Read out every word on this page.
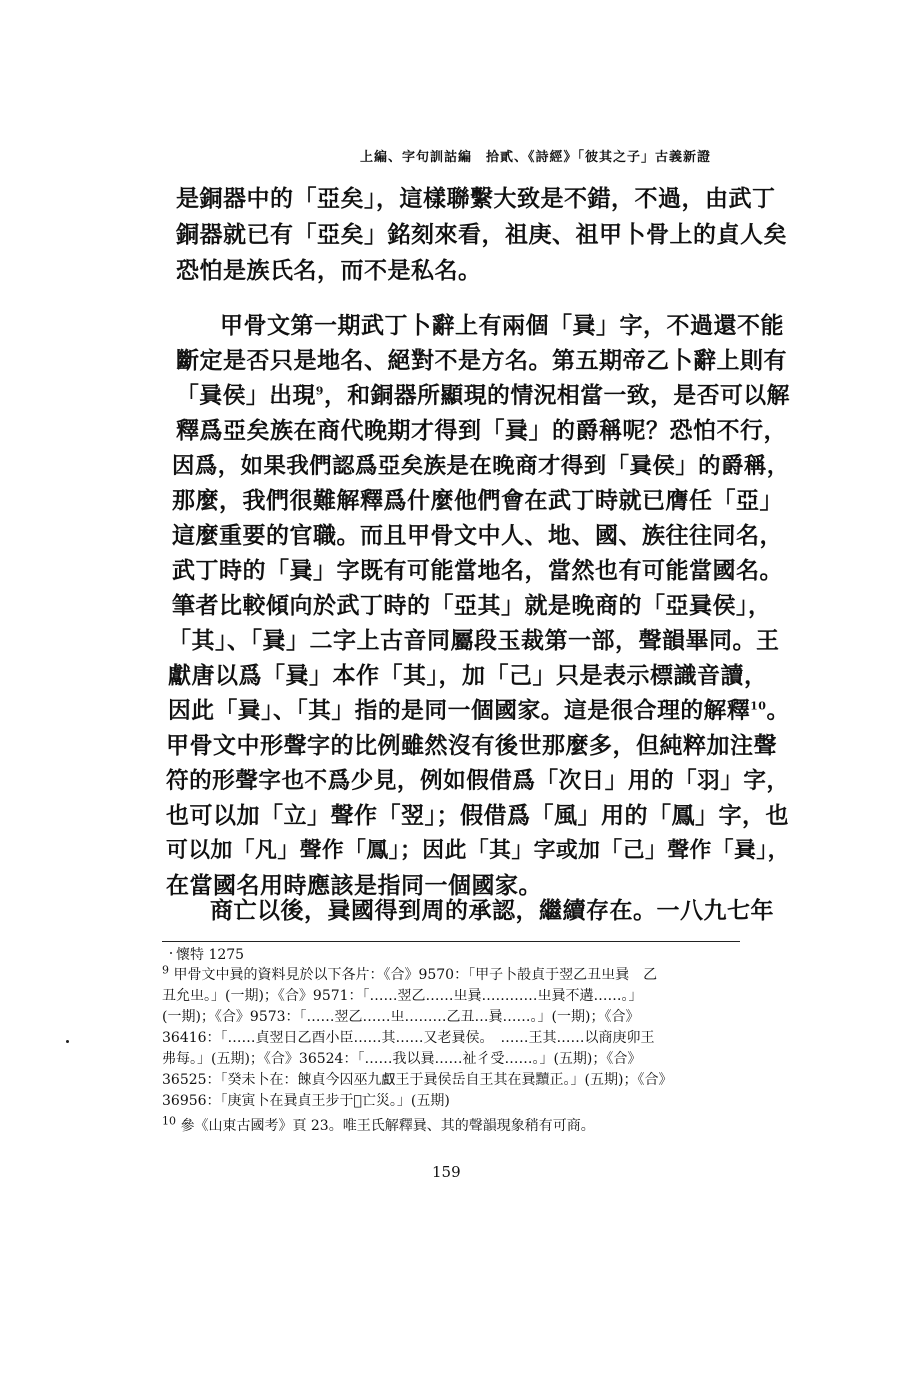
上編、字句訓詁編　拾貳、《詩經》「彼其之子」古義新證
是銅器中的「亞矣」，這樣聯繫大致是不錯，不過，由武丁
銅器就已有「亞矣」銘刻來看，祖庚、祖甲卜骨上的貞人矣
恐怕是族氏名，而不是私名。
甲骨文第一期武丁卜辭上有兩個「㠱」字，不過還不能
斷定是否只是地名、絕對不是方名。第五期帝乙卜辭上則有
「㠱侯」出現$^9$，和銅器所顯現的情況相當一致，是否可以解
釋爲亞矣族在商代晚期才得到「㠱」的爵稱呢？恐怕不行，
因爲，如果我們認爲亞矣族是在晚商才得到「㠱侯」的爵稱，
那麼，我們很難解釋爲什麼他們會在武丁時就已膺任「亞」
這麼重要的官職。而且甲骨文中人、地、國、族往往同名，
武丁時的「㠱」字既有可能當地名，當然也有可能當國名。
筆者比較傾向於武丁時的「亞其」就是晚商的「亞㠱侯」，
「其」、「㠱」二字上古音同屬段玉裁第一部，聲韻畢同。王
獻唐以爲「㠱」本作「其」，加「己」只是表示標識音讀，
因此「㠱」、「其」指的是同一個國家。這是很合理的解釋$^{10}$。
甲骨文中形聲字的比例雖然沒有後世那麼多，但純粹加注聲
符的形聲字也不爲少見，例如假借爲「次日」用的「羽」字，
也可以加「立」聲作「翌」；假借爲「風」用的「鳳」字，也
可以加「凡」聲作「鳳」；因此「其」字或加「己」聲作「㠱」，
在當國名用時應該是指同一個國家。
商亡以後，㠱國得到周的承認，繼續存在。一八九七年
懷特 1275
$^9$ 甲骨文中㠱的資料見於以下各片：《合》9570：「甲子卜㱿貞于翌乙丑㞢㠱　乙
丑允㞢。」(一期)；《合》9571：「……翌乙……㞢㠱…………㞢㠱不遘……。」
(一期)；《合》9573：「……翌乙……㞢………乙丑…㠱……。」(一期)；《合》
36416：「……貞翌日乙酉小臣……其……又老㠱侯。　……王其……以商庚卯王
弗每。」(五期)；《合》36524：「……我以㠱……祉彳受……。」(五期)；《合》
36525：「癸未卜在：餗貞今囚巫九𠭯王于㠱侯岳自王其在㠱黷正。」(五期)；《合》
36956：「庚寅卜在㠱貞王步于𤲡亡災。」(五期)
$^{10}$ 參《山東古國考》頁 23。唯王氏解釋㠱、其的聲韻現象稍有可商。
159
